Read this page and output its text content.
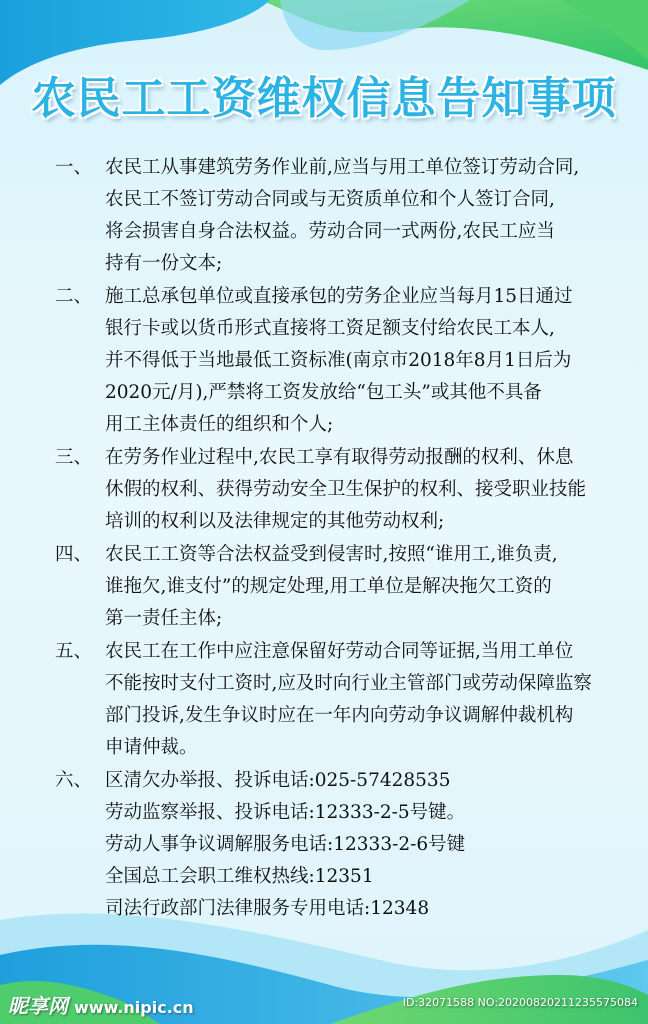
农民工工资维权信息告知事项
一、 农民工从事建筑劳务作业前,应当与用工单位签订劳动合同,
农民工不签订劳动合同或与无资质单位和个人签订合同,
将会损害自身合法权益。劳动合同一式两份,农民工应当
持有一份文本;
二、 施工总承包单位或直接承包的劳务企业应当每月15日通过
银行卡或以货币形式直接将工资足额支付给农民工本人,
并不得低于当地最低工资标准(南京市2018年8月1日后为
2020元/月),严禁将工资发放给“包工头”或其他不具备
用工主体责任的组织和个人;
三、 在劳务作业过程中,农民工享有取得劳动报酬的权利、休息
休假的权利、获得劳动安全卫生保护的权利、接受职业技能
培训的权利以及法律规定的其他劳动权利;
四、 农民工工资等合法权益受到侵害时,按照“谁用工,谁负责,
谁拖欠,谁支付”的规定处理,用工单位是解决拖欠工资的
第一责任主体;
五、 农民工在工作中应注意保留好劳动合同等证据,当用工单位
不能按时支付工资时,应及时向行业主管部门或劳动保障监察
部门投诉,发生争议时应在一年内向劳动争议调解仲裁机构
申请仲裁。
六、 区清欠办举报、投诉电话:025-57428535
劳动监察举报、投诉电话:12333-2-5号键。
劳动人事争议调解服务电话:12333-2-6号键
全国总工会职工维权热线:12351
司法行政部门法律服务专用电话:12348
昵享网 www.nipic.cn	ID:32071588 NO:20200820211235575084
